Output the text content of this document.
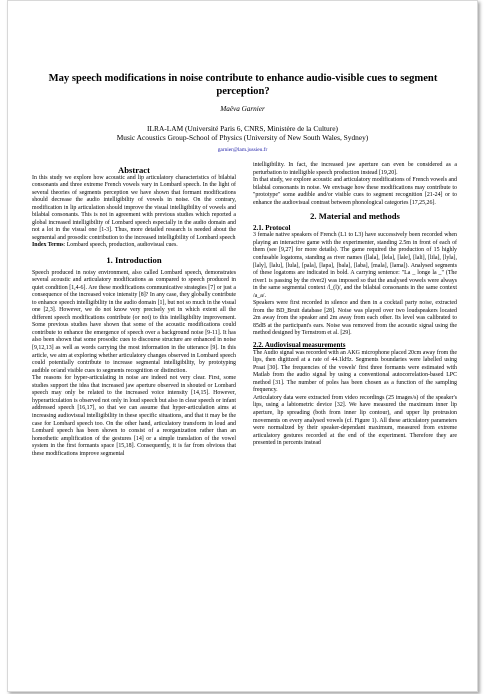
May speech modifications in noise contribute to enhance audio-visible cues to segment perception?
Maëva Garnier
ILRA-LAM (Université Paris 6, CNRS, Ministère de la Culture)
Music Acoustics Group-School of Physics (University of New South Wales, Sydney)
garnier@lam.jussieu.fr

Abstract

In this study we explore how acoustic and lip articulatory characteristics of bilabial consonants and three extreme French vowels vary in Lombard speech. In the light of several theories of segments perception we have shown that formant modifications should decrease the audio intelligibility of vowels in noise. On the contrary, modification in lip articulation should improve the visual intelligibility of vowels and bilabial consonants. This is not in agreement with previous studies which reported a global increased intelligibility of Lombard speech especially in the audio domain and not a lot in the visual one [1-3]. Thus, more detailed research is needed about the segmental and prosodic contribution to the increased intelligibility of Lombard speech

Index Terms: Lombard speech, production, audiovisual cues.

1. Introduction

Speech produced in noisy environment, also called Lombard speech, demonstrates several acoustic and articulatory modifications as compared to speech produced in quiet condition [1,4-6]. Are these modifications communicative strategies [7] or just a consequence of the increased voice intensity [8]? In any case, they globally contribute to enhance speech intelligibility in the audio domain [1], but not so much in the visual one [2,3]. However, we do not know very precisely yet in which extent all the different speech modifications contribute (or not) to this intelligibility improvement. Some previous studies have shown that some of the acoustic modifications could contribute to enhance the emergence of speech over a background noise [9-11]. It has also been shown that some prosodic cues to discourse structure are enhanced in noise [9,12,13] as well as words carrying the most information in the utterance [9]. In this article, we aim at exploring whether articulatory changes observed in Lombard speech could potentially contribute to increase segmental intelligibility, by prototyping audible or/and visible cues to segments recognition or distinction.

The reasons for hyper-articulating in noise are indeed not very clear. First, some studies support the idea that increased jaw aperture observed in shouted or Lombard speech may only be related to the increased voice intensity [14,15]. However, hyperarticulation is observed not only in loud speech but also in clear speech or infant addressed speech [16,17], so that we can assume that hyper-articulation aims at increasing audiovisual intelligibility in these specific situations, and that it may be the case for Lombard speech too. On the other hand, articulatory transform in loud and Lombard speech has been shown to consist of a reorganization rather than an homothetic amplification of the gestures [14] or a simple translation of the vowel system in the first formants space [15,18]. Consequently, it is far from obvious that these modifications improve segmental

intelligibility. In fact, the increased jaw aperture can even be considered as a perturbation to intelligible speech production instead [19,20].

In that study, we explore acoustic and articulatory modifications of French vowels and bilabial consonants in noise. We envisage how these modifications may contribute to "prototype" some audible and/or visible cues to segment recognition [21-24] or to enhance the audiovisual contrast between phonological categories [17,25,26].

2. Material and methods

2.1. Protocol

3 female native speakers of French (L1 to L3) have successively been recorded when playing an interactive game with the experimenter, standing 2.5m in front of each of them (see [9,27] for more details). The game required the production of 15 highly confusable logatoms, standing as river names ([lala], [lela], [lale], [lali], [lila], [lyla], [laly], [lalu], [lula], [pala], [lapa], [bala], [laba], [mala], [lama]). Analysed segments of these logatoms are indicated in bold. A carrying sentence: "La _ longe la _" (The river1 is passing by the river2) was imposed so that the analysed vowels were always in the same segmental context /l_(l)/, and the bilabial consonants in the same context /a_a/.

Speakers were first recorded in silence and then in a cocktail party noise, extracted from the BD_Bruit database [28]. Noise was played over two loudspeakers located 2m away from the speaker and 2m away from each other. Its level was calibrated to 85dB at the participant's ears. Noise was removed from the acoustic signal using the method designed by Ternstrom et al. [29].

2.2. Audiovisual measurements

The Audio signal was recorded with an AKG microphone placed 20cm away from the lips, then digitized at a rate of 44.1kHz. Segments boundaries were labelled using Praat [30]. The frequencies of the vowels' first three formants were estimated with Matlab from the audio signal by using a conventional autocorrelation-based LPC method [31]. The number of poles has been chosen as a function of the sampling frequency.

Articulatory data were extracted from video recordings (25 images/s) of the speaker's lips, using a labiometric device [32]. We have measured the maximum inner lip aperture, lip spreading (both from inner lip contour), and upper lip protrusion movements on every analysed vowels (cf. Figure 1). All these articulatory parameters were normalized by their speaker-dependant maximum, measured from extreme articulatory gestures recorded at the end of the experiment. Therefore they are presented in percents instead
